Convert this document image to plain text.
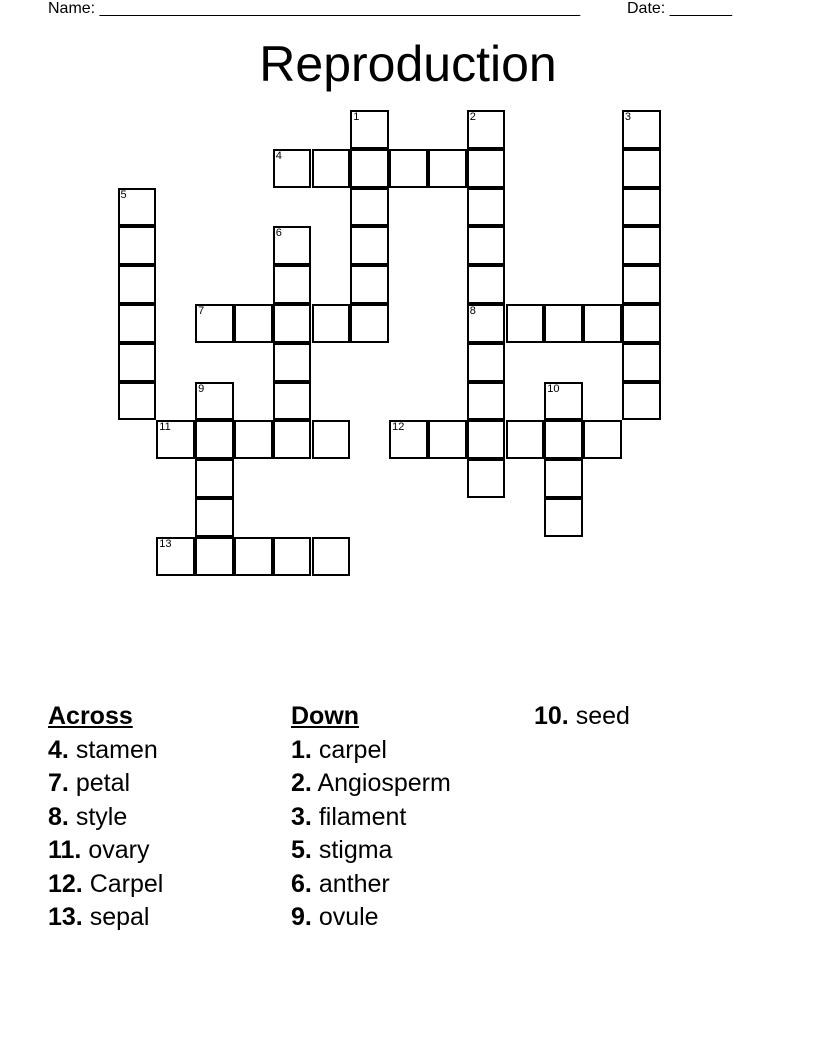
Name: ______________________________________________________	Date: _______
Reproduction
1	2	3
4
5
6
7	8
9	10
11	12
13
Across
4. stamen
7. petal
8. style
11. ovary
12. Carpel
13. sepal
Down
1. carpel
2. Angiosperm
3. filament
5. stigma
6. anther
9. ovule
10. seed
